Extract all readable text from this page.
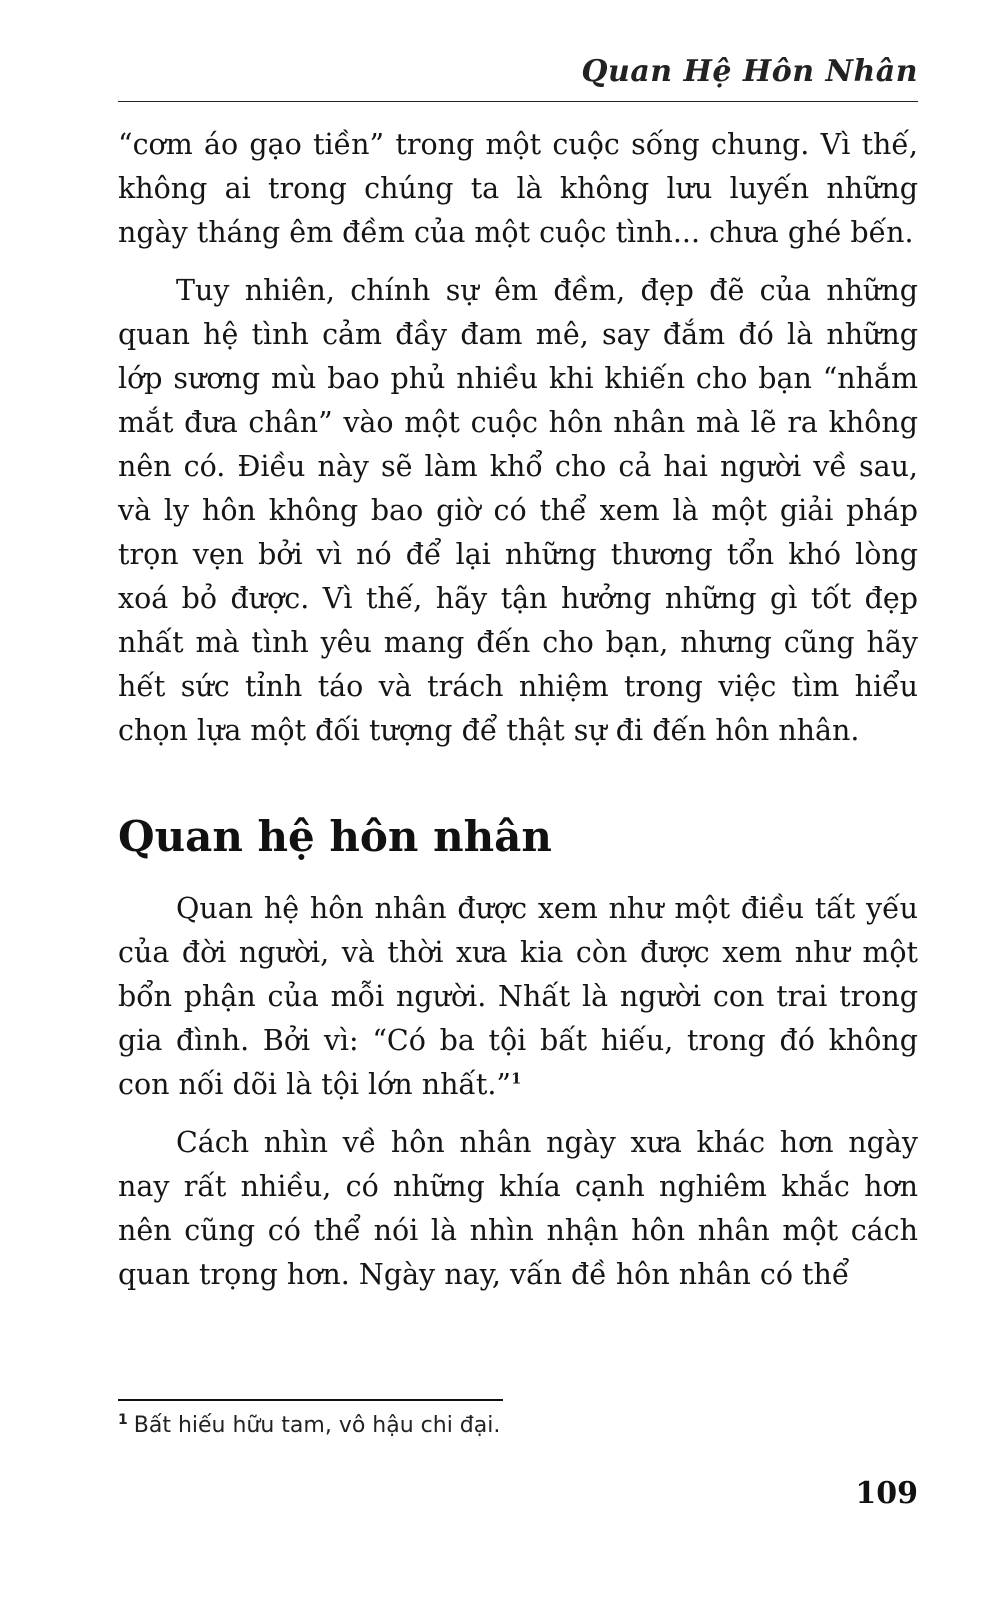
Quan Hệ Hôn Nhân

“cơm áo gạo tiền” trong một cuộc sống chung. Vì thế, không ai trong chúng ta là không lưu luyến những ngày tháng êm đềm của một cuộc tình... chưa ghé bến.

Tuy nhiên, chính sự êm đềm, đẹp đẽ của những quan hệ tình cảm đầy đam mê, say đắm đó là những lớp sương mù bao phủ nhiều khi khiến cho bạn “nhắm mắt đưa chân” vào một cuộc hôn nhân mà lẽ ra không nên có. Điều này sẽ làm khổ cho cả hai người về sau, và ly hôn không bao giờ có thể xem là một giải pháp trọn vẹn bởi vì nó để lại những thương tổn khó lòng xoá bỏ được. Vì thế, hãy tận hưởng những gì tốt đẹp nhất mà tình yêu mang đến cho bạn, nhưng cũng hãy hết sức tỉnh táo và trách nhiệm trong việc tìm hiểu chọn lựa một đối tượng để thật sự đi đến hôn nhân.

Quan hệ hôn nhân

Quan hệ hôn nhân được xem như một điều tất yếu của đời người, và thời xưa kia còn được xem như một bổn phận của mỗi người. Nhất là người con trai trong gia đình. Bởi vì: “Có ba tội bất hiếu, trong đó không con nối dõi là tội lớn nhất.”$^1$

Cách nhìn về hôn nhân ngày xưa khác hơn ngày nay rất nhiều, có những khía cạnh nghiêm khắc hơn nên cũng có thể nói là nhìn nhận hôn nhân một cách quan trọng hơn. Ngày nay, vấn đề hôn nhân có thể

$^1$ Bất hiếu hữu tam, vô hậu chi đại.
109
